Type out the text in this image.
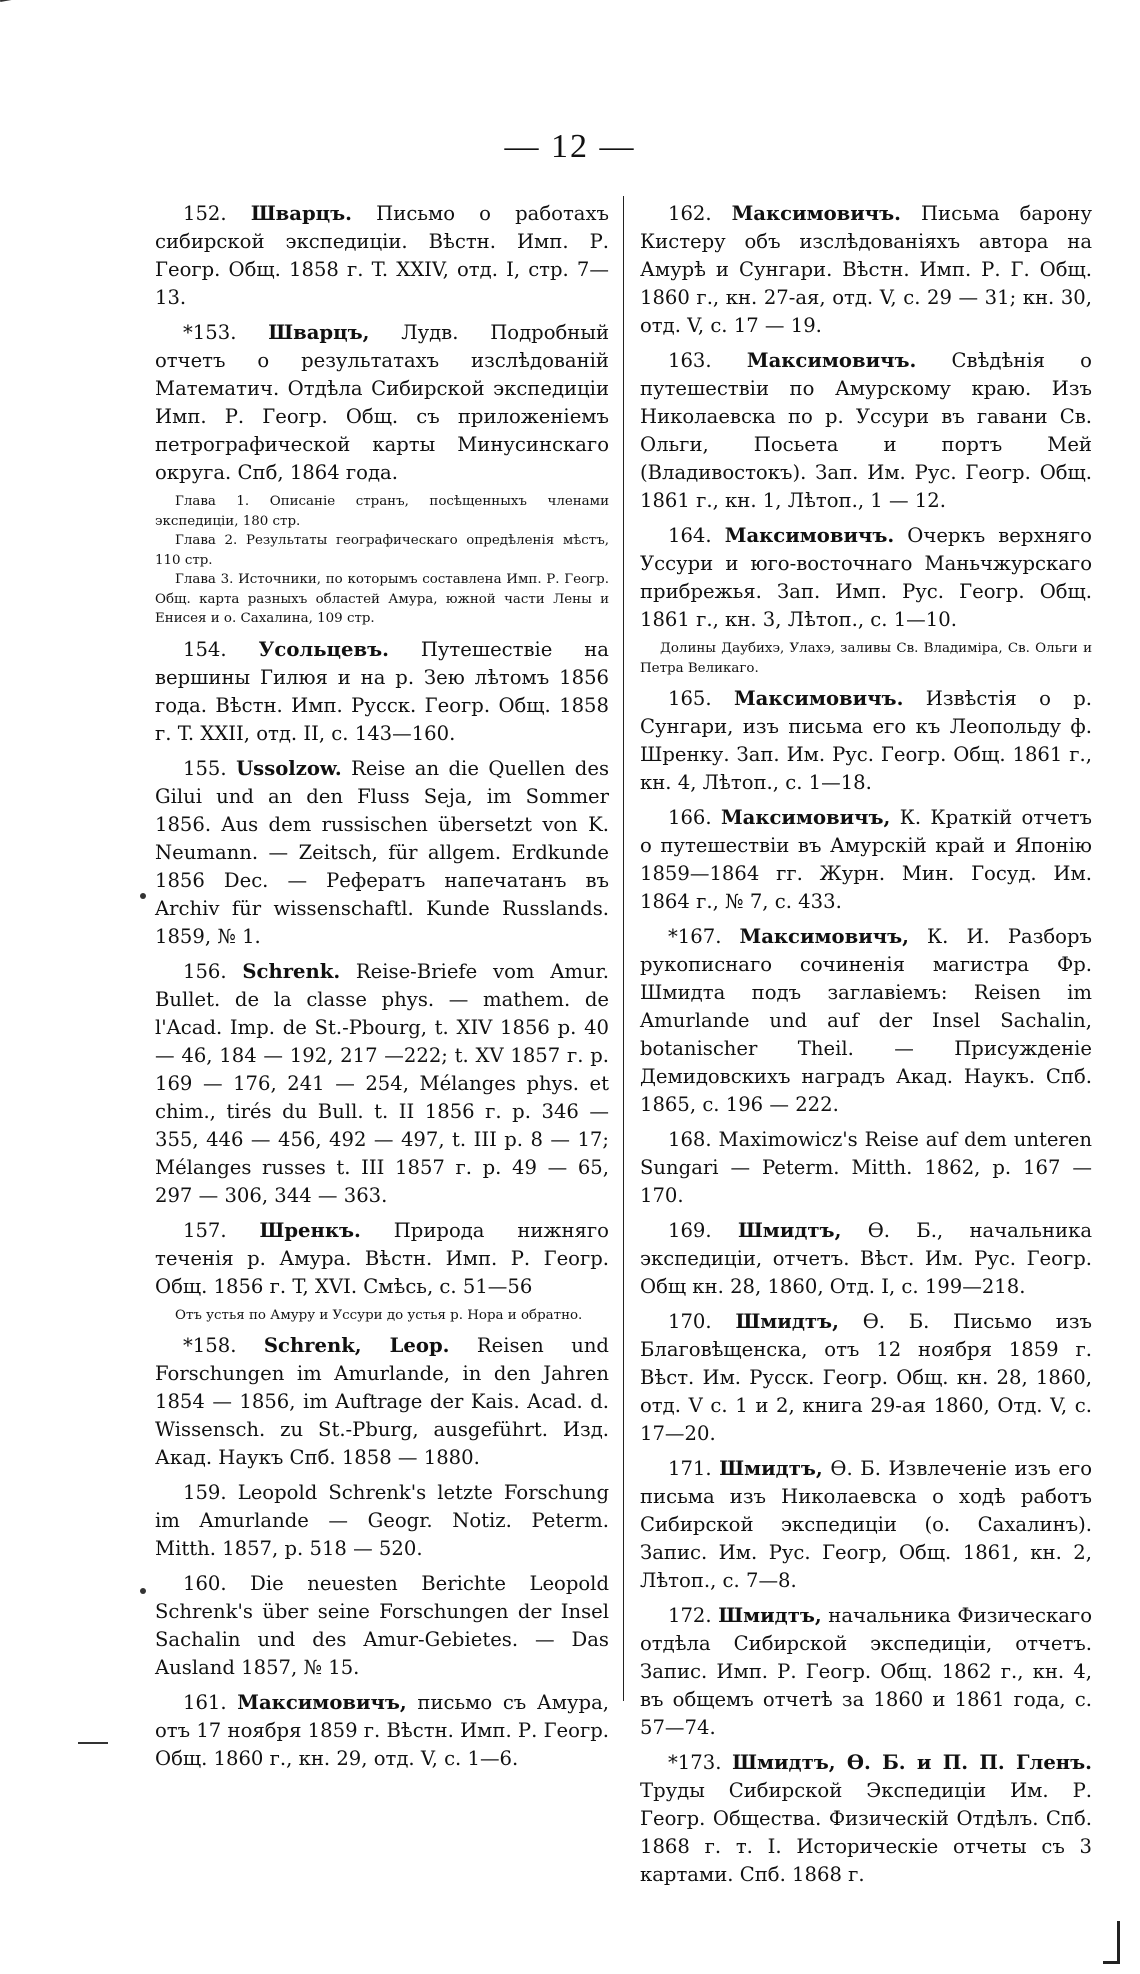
— 12 —

152. Шварцъ. Письмо о работахъ сибирской экспедиціи. Вѣстн. Имп. Р. Геогр. Общ. 1858 г. T. XXIV, отд. I, стр. 7—13.

*153. Шварцъ, Лудв. Подробный отчетъ о результатахъ изслѣдованій Математич. Отдѣла Сибирской экспедиціи Имп. Р. Геогр. Общ. съ приложеніемъ петрографической карты Минусинскаго округа. Спб, 1864 года.

Глава 1. Описаніе странъ, посѣщенныхъ членами экспедиціи, 180 стр.
Глава 2. Результаты географическаго опредѣленія мѣстъ, 110 стр.
Глава 3. Источники, по которымъ составлена Имп. Р. Геогр. Общ. карта разныхъ областей Амура, южной части Лены и Енисея и о. Сахалина, 109 стр.

154. Усольцевъ. Путешествіе на вершины Гилюя и на р. Зею лѣтомъ 1856 года. Вѣстн. Имп. Русск. Геогр. Общ. 1858 г. T. XXII, отд. II, с. 143—160.

155. Ussolzow. Reise an die Quellen des Gilui und an den Fluss Seja, im Sommer 1856. Aus dem russischen übersetzt von K. Neumann. — Zeitsch, für allgem. Erdkunde 1856 Dec. — Рефератъ напечатанъ въ Archiv für wissenschaftl. Kunde Russlands. 1859, № 1.

156. Schrenk. Reise-Briefe vom Amur. Bullet. de la classe phys. — mathem. de l'Acad. Imp. de St.-Pbourg, t. XIV 1856 p. 40 — 46, 184 — 192, 217 —222; t. XV 1857 г. p. 169 — 176, 241 — 254, Mélanges phys. et chim., tirés du Bull. t. II 1856 г. p. 346 — 355, 446 — 456, 492 — 497, t. III p. 8 — 17; Mélanges russes t. III 1857 г. p. 49 — 65, 297 — 306, 344 — 363.

157. Шренкъ. Природа нижняго теченія р. Амура. Вѣстн. Имп. Р. Геогр. Общ. 1856 г. T, XVI. Смѣсь, с. 51—56

Отъ устья по Амуру и Уссури до устья р. Нора и обратно.

*158. Schrenk, Leop. Reisen und Forschungen im Amurlande, in den Jahren 1854 — 1856, im Auftrage der Kais. Acad. d. Wissensch. zu St.-Pburg, ausgeführt. Изд. Акад. Наукъ Спб. 1858 — 1880.

159. Leopold Schrenk's letzte Forschung im Amurlande — Geogr. Notiz. Peterm. Mitth. 1857, p. 518 — 520.

160. Die neuesten Berichte Leopold Schrenk's über seine Forschungen der Insel Sachalin und des Amur-Gebietes. — Das Ausland 1857, № 15.

161. Максимовичъ, письмо съ Амура, отъ 17 ноября 1859 г. Вѣстн. Имп. Р. Геогр. Общ. 1860 г., кн. 29, отд. V, с. 1—6.

162. Максимовичъ. Письма барону Кистеру объ изслѣдованіяхъ автора на Амурѣ и Сунгари. Вѣстн. Имп. Р. Г. Общ. 1860 г., кн. 27-ая, отд. V, с. 29 — 31; кн. 30, отд. V, с. 17 — 19.

163. Максимовичъ. Свѣдѣнія о путешествіи по Амурскому краю. Изъ Николаевска по р. Уссури въ гавани Св. Ольги, Посьета и портъ Мей (Владивостокъ). Зап. Им. Рус. Геогр. Общ. 1861 г., кн. 1, Лѣтоп., 1 — 12.

164. Максимовичъ. Очеркъ верхняго Уссури и юго-восточнаго Маньчжурскаго прибрежья. Зап. Имп. Рус. Геогр. Общ. 1861 г., кн. 3, Лѣтоп., с. 1—10.

Долины Даубихэ, Улахэ, заливы Св. Владиміра, Св. Ольги и Петра Великаго.

165. Максимовичъ. Извѣстія о р. Сунгари, изъ письма его къ Леопольду ф. Шренку. Зап. Им. Рус. Геогр. Общ. 1861 г., кн. 4, Лѣтоп., с. 1—18.

166. Максимовичъ, К. Краткій отчетъ о путешествіи въ Амурскій край и Японію 1859—1864 гг. Журн. Мин. Госуд. Им. 1864 г., № 7, с. 433.

*167. Максимовичъ, К. И. Разборъ рукописнаго сочиненія магистра Фр. Шмидта подъ заглавіемъ: Reisen im Amurlande und auf der Insel Sachalin, botanischer Theil. — Присужденіе Демидовскихъ наградъ Акад. Наукъ. Спб. 1865, с. 196 — 222.

168. Maximowicz's Reise auf dem unteren Sungari — Peterm. Mitth. 1862, p. 167 — 170.

169. Шмидтъ, Ѳ. Б., начальника экспедиціи, отчетъ. Вѣст. Им. Рус. Геогр. Общ кн. 28, 1860, Отд. I, с. 199—218.

170. Шмидтъ, Ѳ. Б. Письмо изъ Благовѣщенска, отъ 12 ноября 1859 г. Вѣст. Им. Русск. Геогр. Общ. кн. 28, 1860, отд. V с. 1 и 2, книга 29-ая 1860, Отд. V, с. 17—20.

171. Шмидтъ, Ѳ. Б. Извлеченіе изъ его письма изъ Николаевска о ходѣ работъ Сибирской экспедиціи (о. Сахалинъ). Запис. Им. Рус. Геогр, Общ. 1861, кн. 2, Лѣтоп., с. 7—8.

172. Шмидтъ, начальника Физическаго отдѣла Сибирской экспедиціи, отчетъ. Запис. Имп. Р. Геогр. Общ. 1862 г., кн. 4, въ общемъ отчетѣ за 1860 и 1861 года, с. 57—74.

*173. Шмидтъ, Ѳ. Б. и П. П. Гленъ. Труды Сибирской Экспедиціи Им. Р. Геогр. Общества. Физическій Отдѣлъ. Спб. 1868 г. т. I. Историческіе отчеты съ 3 картами. Спб. 1868 г.
